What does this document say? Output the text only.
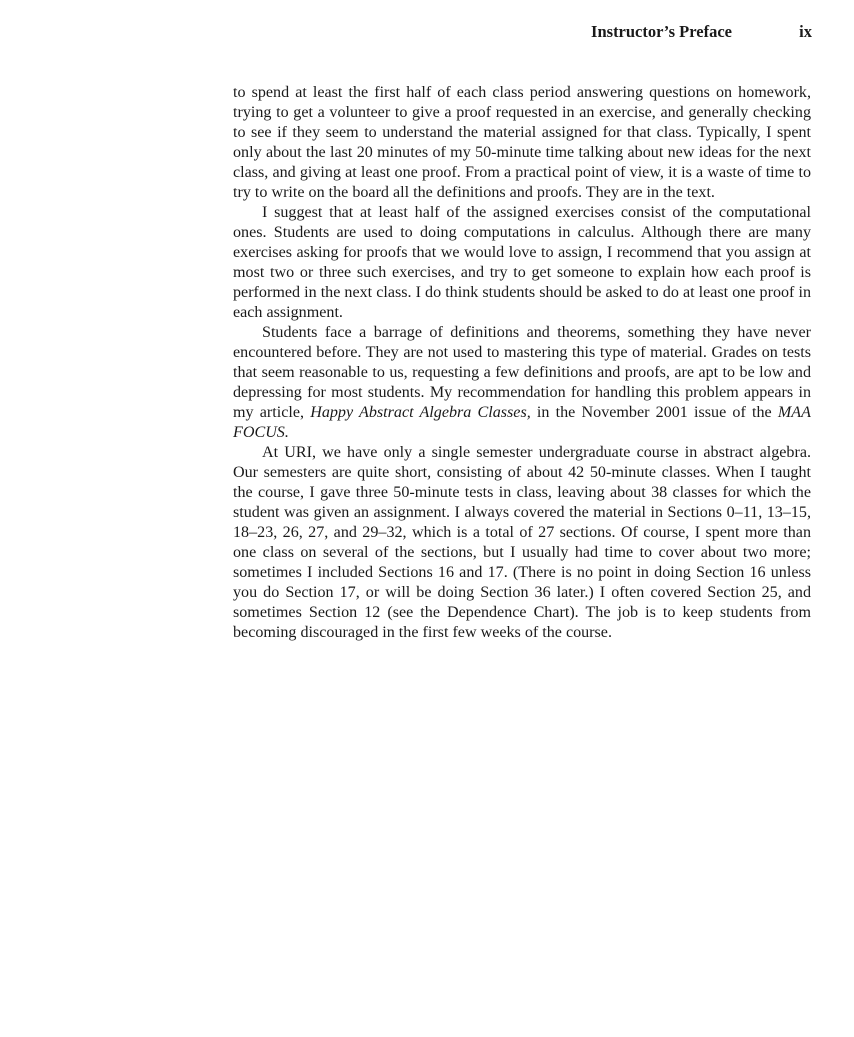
Instructor’s Preface	ix

to spend at least the first half of each class period answering questions on homework, trying to get a volunteer to give a proof requested in an exercise, and generally checking to see if they seem to understand the material assigned for that class. Typically, I spent only about the last 20 minutes of my 50-minute time talking about new ideas for the next class, and giving at least one proof. From a practical point of view, it is a waste of time to try to write on the board all the definitions and proofs. They are in the text.

I suggest that at least half of the assigned exercises consist of the computational ones. Students are used to doing computations in calculus. Although there are many exercises asking for proofs that we would love to assign, I recommend that you assign at most two or three such exercises, and try to get someone to explain how each proof is performed in the next class. I do think students should be asked to do at least one proof in each assignment.

Students face a barrage of definitions and theorems, something they have never encountered before. They are not used to mastering this type of material. Grades on tests that seem reasonable to us, requesting a few definitions and proofs, are apt to be low and depressing for most students. My recommendation for handling this problem appears in my article, Happy Abstract Algebra Classes, in the November 2001 issue of the MAA FOCUS.

At URI, we have only a single semester undergraduate course in abstract algebra. Our semesters are quite short, consisting of about 42 50-minute classes. When I taught the course, I gave three 50-minute tests in class, leaving about 38 classes for which the student was given an assignment. I always covered the material in Sections 0–11, 13–15, 18–23, 26, 27, and 29–32, which is a total of 27 sections. Of course, I spent more than one class on several of the sections, but I usually had time to cover about two more; sometimes I included Sections 16 and 17. (There is no point in doing Section 16 unless you do Section 17, or will be doing Section 36 later.) I often covered Section 25, and sometimes Section 12 (see the Dependence Chart). The job is to keep students from becoming discouraged in the first few weeks of the course.
